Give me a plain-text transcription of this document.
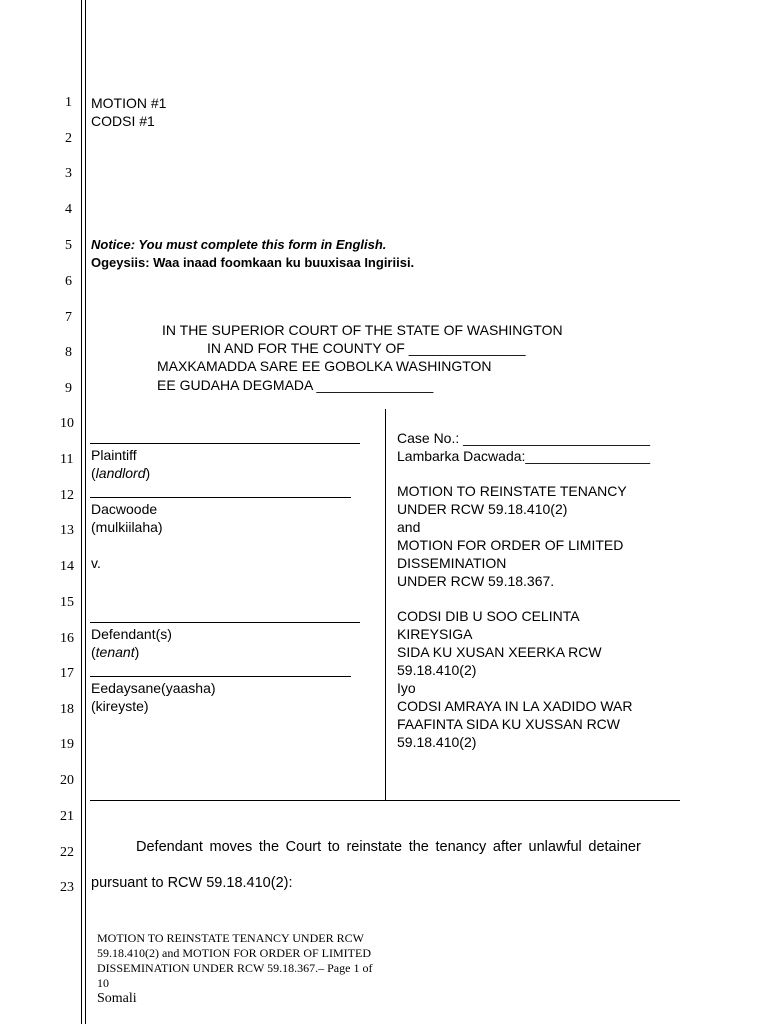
1
2
3
4
5
6
7
8
9
10
11
12
13
14
15
16
17
18
19
20
21
22
23
MOTION #1
CODSI #1
Notice: You must complete this form in English.
Ogeysiis: Waa inaad foomkaan ku buuxisaa Ingiriisi.
IN THE SUPERIOR COURT OF THE STATE OF WASHINGTON
IN AND FOR THE COUNTY OF _______________
MAXKAMADDA SARE EE GOBOLKA WASHINGTON
EE GUDAHA DEGMADA _______________
Plaintiff
(landlord)
Dacwoode
(mulkiilaha)
v.
Defendant(s)
(tenant)
Eedaysane(yaasha)
(kireyste)
Case No.: ________________________
Lambarka Dacwada:________________
MOTION TO REINSTATE TENANCY
UNDER RCW 59.18.410(2)
and
MOTION FOR ORDER OF LIMITED
DISSEMINATION
UNDER RCW 59.18.367.
CODSI DIB U SOO CELINTA
KIREYSIGA
SIDA KU XUSAN XEERKA RCW
59.18.410(2)
Iyo
CODSI AMRAYA IN LA XADIDO WAR
FAAFINTA SIDA KU XUSSAN RCW
59.18.410(2)
Defendant moves the Court to reinstate the tenancy after unlawful detainer
pursuant to RCW 59.18.410(2):
MOTION TO REINSTATE TENANCY UNDER RCW
59.18.410(2) and MOTION FOR ORDER OF LIMITED
DISSEMINATION UNDER RCW 59.18.367.– Page 1 of
10
Somali
